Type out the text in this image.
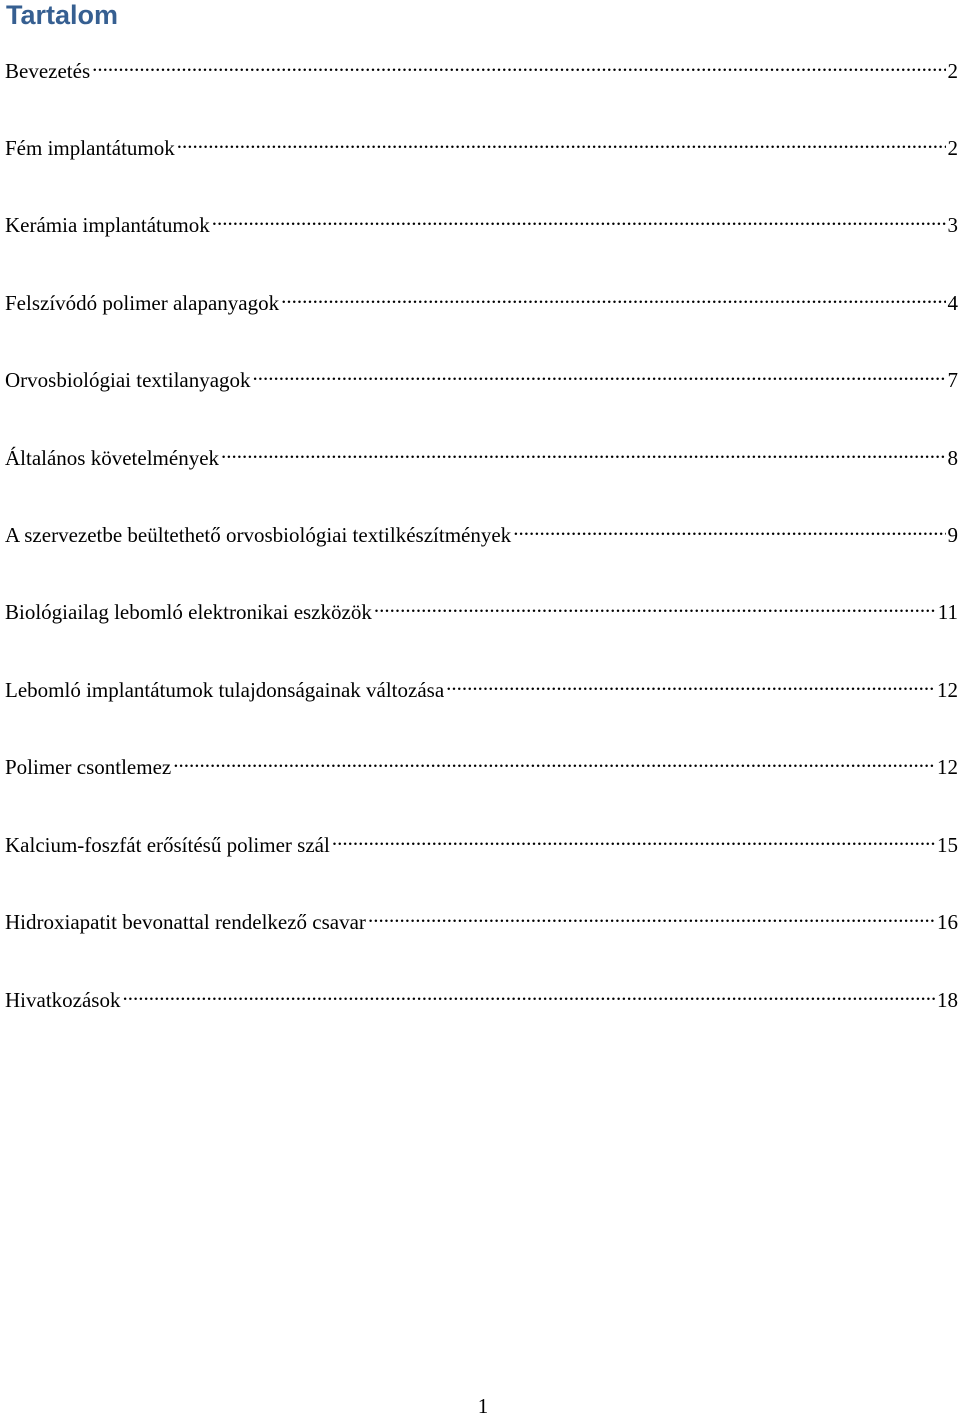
Tartalom
Bevezetés .....	2
Fém implantátumok .....	2
Kerámia implantátumok .....	3
Felszívódó polimer alapanyagok .....	4
Orvosbiológiai textilanyagok .....	7
Általános követelmények .....	8
A szervezetbe beültethető orvosbiológiai textilkészítmények .....	9
Biológiailag lebomló elektronikai eszközök .....	11
Lebomló implantátumok tulajdonságainak változása .....	12
Polimer csontlemez .....	12
Kalcium-foszfát erősítésű polimer szál .....	15
Hidroxiapatit bevonattal rendelkező csavar .....	16
Hivatkozások .....	18

1
